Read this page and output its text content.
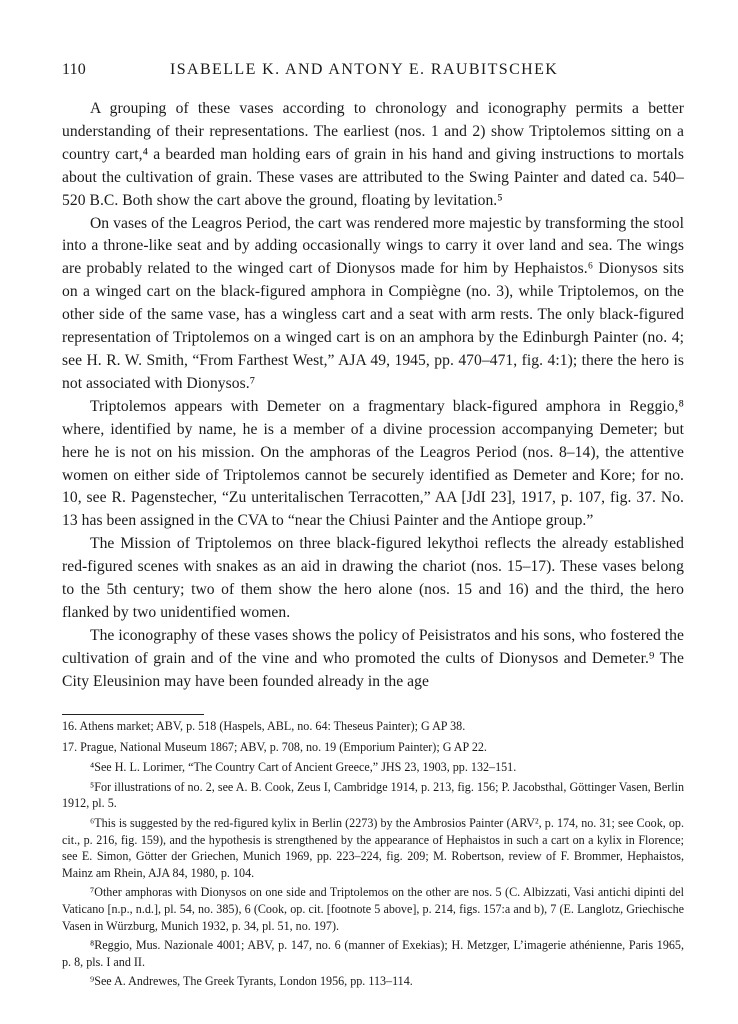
110	ISABELLE K. AND ANTONY E. RAUBITSCHEK

A grouping of these vases according to chronology and iconography permits a better understanding of their representations. The earliest (nos. 1 and 2) show Triptolemos sitting on a country cart,⁴ a bearded man holding ears of grain in his hand and giving instructions to mortals about the cultivation of grain. These vases are attributed to the Swing Painter and dated ca. 540–520 B.C. Both show the cart above the ground, floating by levitation.⁵

On vases of the Leagros Period, the cart was rendered more majestic by transforming the stool into a throne-like seat and by adding occasionally wings to carry it over land and sea. The wings are probably related to the winged cart of Dionysos made for him by Hephaistos.⁶ Dionysos sits on a winged cart on the black-figured amphora in Compiègne (no. 3), while Triptolemos, on the other side of the same vase, has a wingless cart and a seat with arm rests. The only black-figured representation of Triptolemos on a winged cart is on an amphora by the Edinburgh Painter (no. 4; see H. R. W. Smith, “From Farthest West,” AJA 49, 1945, pp. 470–471, fig. 4:1); there the hero is not associated with Dionysos.⁷

Triptolemos appears with Demeter on a fragmentary black-figured amphora in Reggio,⁸ where, identified by name, he is a member of a divine procession accompanying Demeter; but here he is not on his mission. On the amphoras of the Leagros Period (nos. 8–14), the attentive women on either side of Triptolemos cannot be securely identified as Demeter and Kore; for no. 10, see R. Pagenstecher, “Zu unteritalischen Terracotten,” AA [JdI 23], 1917, p. 107, fig. 37. No. 13 has been assigned in the CVA to “near the Chiusi Painter and the Antiope group.”

The Mission of Triptolemos on three black-figured lekythoi reflects the already established red-figured scenes with snakes as an aid in drawing the chariot (nos. 15–17). These vases belong to the 5th century; two of them show the hero alone (nos. 15 and 16) and the third, the hero flanked by two unidentified women.

The iconography of these vases shows the policy of Peisistratos and his sons, who fostered the cultivation of grain and of the vine and who promoted the cults of Dionysos and Demeter.⁹ The City Eleusinion may have been founded already in the age

16. Athens market; ABV, p. 518 (Haspels, ABL, no. 64: Theseus Painter); G AP 38.

17. Prague, National Museum 1867; ABV, p. 708, no. 19 (Emporium Painter); G AP 22.

⁴See H. L. Lorimer, “The Country Cart of Ancient Greece,” JHS 23, 1903, pp. 132–151.

⁵For illustrations of no. 2, see A. B. Cook, Zeus I, Cambridge 1914, p. 213, fig. 156; P. Jacobsthal, Göttinger Vasen, Berlin 1912, pl. 5.

⁶This is suggested by the red-figured kylix in Berlin (2273) by the Ambrosios Painter (ARV², p. 174, no. 31; see Cook, op. cit., p. 216, fig. 159), and the hypothesis is strengthened by the appearance of Hephaistos in such a cart on a kylix in Florence; see E. Simon, Götter der Griechen, Munich 1969, pp. 223–224, fig. 209; M. Robertson, review of F. Brommer, Hephaistos, Mainz am Rhein, AJA 84, 1980, p. 104.

⁷Other amphoras with Dionysos on one side and Triptolemos on the other are nos. 5 (C. Albizzati, Vasi antichi dipinti del Vaticano [n.p., n.d.], pl. 54, no. 385), 6 (Cook, op. cit. [footnote 5 above], p. 214, figs. 157:a and b), 7 (E. Langlotz, Griechische Vasen in Würzburg, Munich 1932, p. 34, pl. 51, no. 197).

⁸Reggio, Mus. Nazionale 4001; ABV, p. 147, no. 6 (manner of Exekias); H. Metzger, L’imagerie athénienne, Paris 1965, p. 8, pls. I and II.

⁹See A. Andrewes, The Greek Tyrants, London 1956, pp. 113–114.
